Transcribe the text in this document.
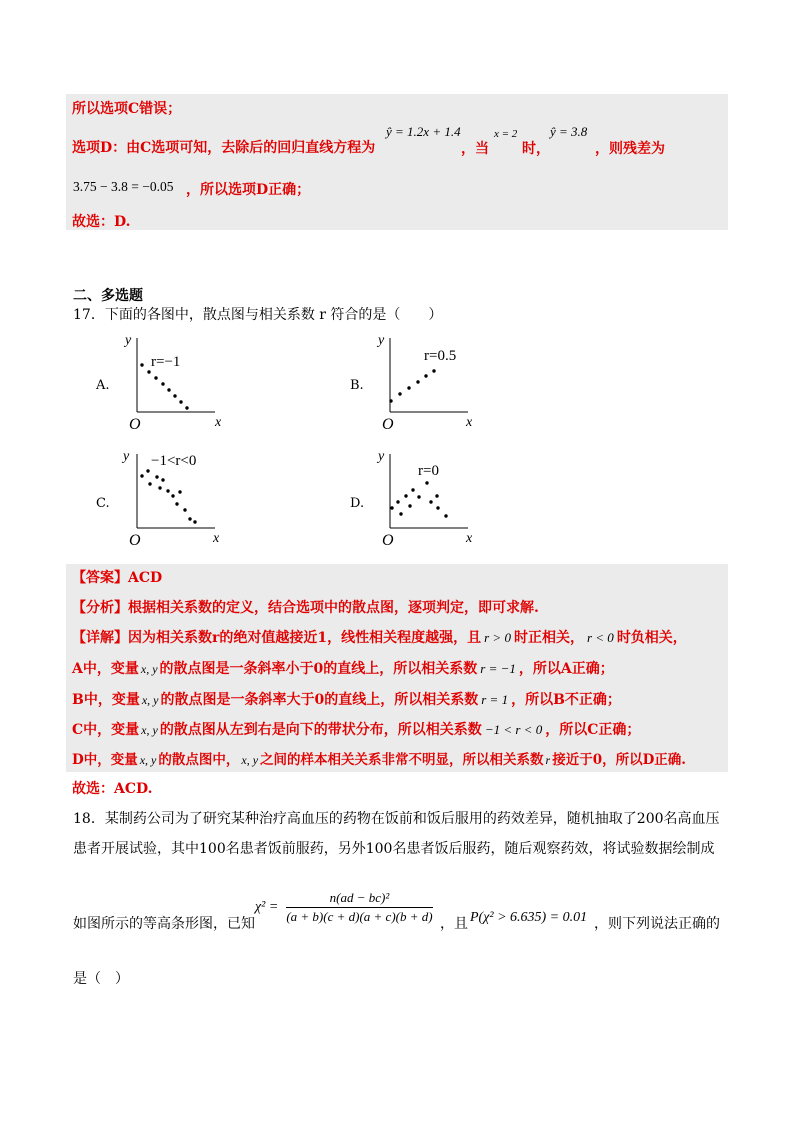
所以选项C错误；
选项D：由C选项可知，去除后的回归直线方程为
ŷ = 1.2x + 1.4
，当
x = 2
时，
ŷ = 3.8
，则残差为
3.75 − 3.8 = −0.05 ，所以选项D正确；
故选：D.
二、多选题
17．下面的各图中，散点图与相关系数 r 符合的是（　　）
A.
y
x
O
r=−1
B.
y
x
O
r=0.5
C.
y
x
O
−1<r<0
D.
y
x
O
r=0
【答案】ACD
【分析】根据相关系数的定义，结合选项中的散点图，逐项判定，即可求解.
【详解】因为相关系数r的绝对值越接近1，线性相关程度越强，且 r > 0 时正相关， r < 0 时负相关，
A中，变量 x, y 的散点图是一条斜率小于0的直线上，所以相关系数 r = −1 ，所以A正确；
B中，变量 x, y 的散点图是一条斜率大于0的直线上，所以相关系数 r = 1 ，所以B不正确；
C中，变量 x, y 的散点图从左到右是向下的带状分布，所以相关系数 −1 < r < 0 ，所以C正确；
D中，变量 x, y 的散点图中， x, y 之间的样本相关关系非常不明显，所以相关系数 r 接近于0，所以D正确.
故选：ACD.
18．某制药公司为了研究某种治疗高血压的药物在饭前和饭后服用的药效差异，随机抽取了200名高血压
患者开展试验，其中100名患者饭前服药，另外100名患者饭后服药，随后观察药效，将试验数据绘制成
如图所示的等高条形图，已知
$\chi^2 = \frac{\text{n(ad − bc)²}}{(a + b)(c + d)(a + c)(b + d)}$ ，且 P(χ² > 6.635) = 0.01 ，则下列说法正确的
是（　）
